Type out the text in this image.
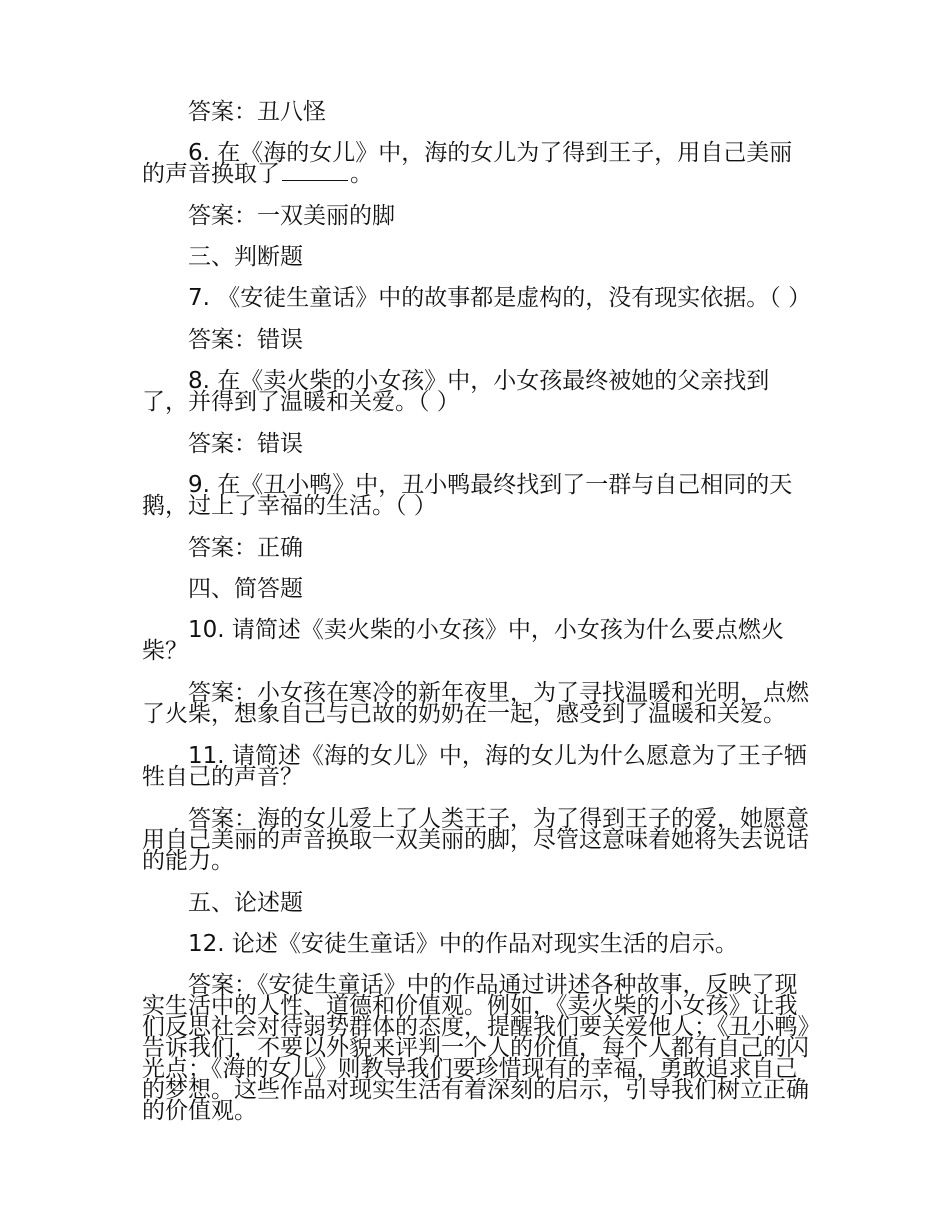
答案：丑八怪

6. 在《海的女儿》中，海的女儿为了得到王子，用自己美丽的声音换取了	。

答案：一双美丽的脚

三、判断题

7. 《安徒生童话》中的故事都是虚构的，没有现实依据。（ ）

答案：错误

8. 在《卖火柴的小女孩》中，小女孩最终被她的父亲找到了，并得到了温暖和关爱。（ ）

答案：错误

9. 在《丑小鸭》中，丑小鸭最终找到了一群与自己相同的天鹅，过上了幸福的生活。（ ）

答案：正确

四、简答题

10. 请简述《卖火柴的小女孩》中，小女孩为什么要点燃火柴？

答案：小女孩在寒冷的新年夜里，为了寻找温暖和光明，点燃了火柴，想象自己与已故的奶奶在一起，感受到了温暖和关爱。

11. 请简述《海的女儿》中，海的女儿为什么愿意为了王子牺牲自己的声音？

答案：海的女儿爱上了人类王子，为了得到王子的爱，她愿意用自己美丽的声音换取一双美丽的脚，尽管这意味着她将失去说话的能力。

五、论述题

12. 论述《安徒生童话》中的作品对现实生活的启示。

答案：《安徒生童话》中的作品通过讲述各种故事，反映了现实生活中的人性、道德和价值观。例如，《卖火柴的小女孩》让我们反思社会对待弱势群体的态度，提醒我们要关爱他人；《丑小鸭》告诉我们，不要以外貌来评判一个人的价值，每个人都有自己的闪光点；《海的女儿》则教导我们要珍惜现有的幸福，勇敢追求自己的梦想。这些作品对现实生活有着深刻的启示，引导我们树立正确的价值观。
